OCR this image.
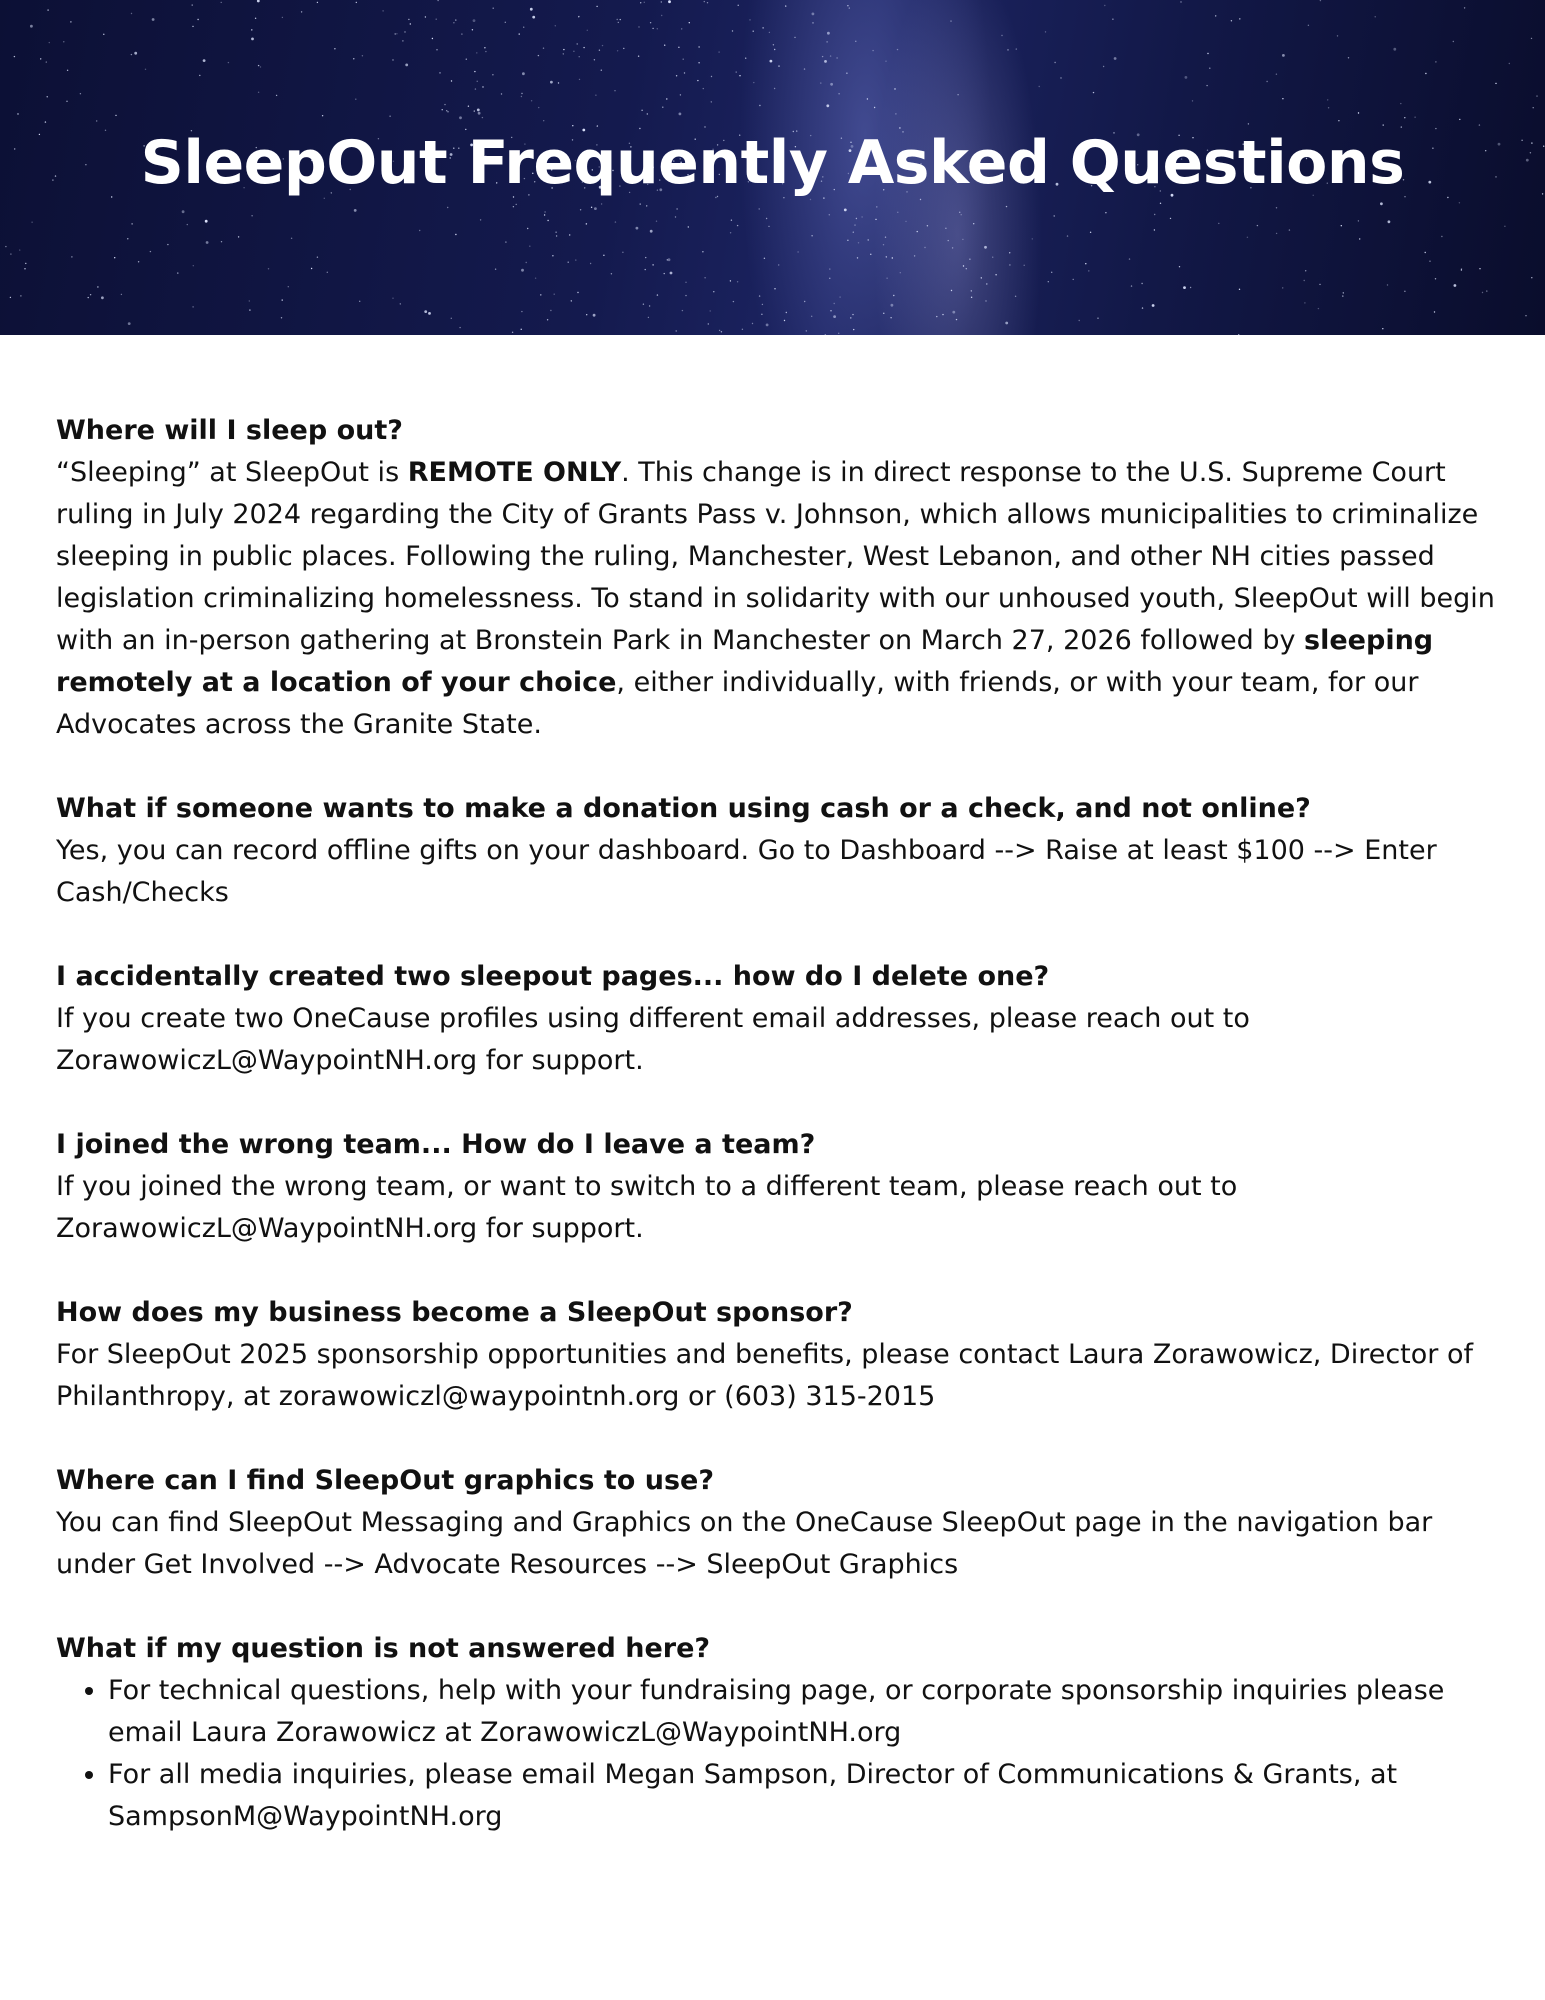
SleepOut Frequently Asked Questions
Where will I sleep out?

“Sleeping” at SleepOut is REMOTE ONLY. This change is in direct response to the U.S. Supreme Court ruling in July 2024 regarding the City of Grants Pass v. Johnson, which allows municipalities to criminalize sleeping in public places. Following the ruling, Manchester, West Lebanon, and other NH cities passed legislation criminalizing homelessness. To stand in solidarity with our unhoused youth, SleepOut will begin with an in-person gathering at Bronstein Park in Manchester on March 27, 2026 followed by sleeping remotely at a location of your choice, either individually, with friends, or with your team, for our Advocates across the Granite State.

What if someone wants to make a donation using cash or a check, and not online?

Yes, you can record offline gifts on your dashboard. Go to Dashboard --> Raise at least $100 --> Enter Cash/Checks

I accidentally created two sleepout pages... how do I delete one?

If you create two OneCause profiles using different email addresses, please reach out to ZorawowiczL@WaypointNH.org for support.

I joined the wrong team... How do I leave a team?

If you joined the wrong team, or want to switch to a different team, please reach out to ZorawowiczL@WaypointNH.org for support.

How does my business become a SleepOut sponsor?

For SleepOut 2025 sponsorship opportunities and benefits, please contact Laura Zorawowicz, Director of Philanthropy, at zorawowiczl@waypointnh.org or (603) 315-2015

Where can I find SleepOut graphics to use?

You can find SleepOut Messaging and Graphics on the OneCause SleepOut page in the navigation bar under Get Involved --> Advocate Resources --> SleepOut Graphics

What if my question is not answered here?
• For technical questions, help with your fundraising page, or corporate sponsorship inquiries please email Laura Zorawowicz at ZorawowiczL@WaypointNH.org
• For all media inquiries, please email Megan Sampson, Director of Communications & Grants, at SampsonM@WaypointNH.org
